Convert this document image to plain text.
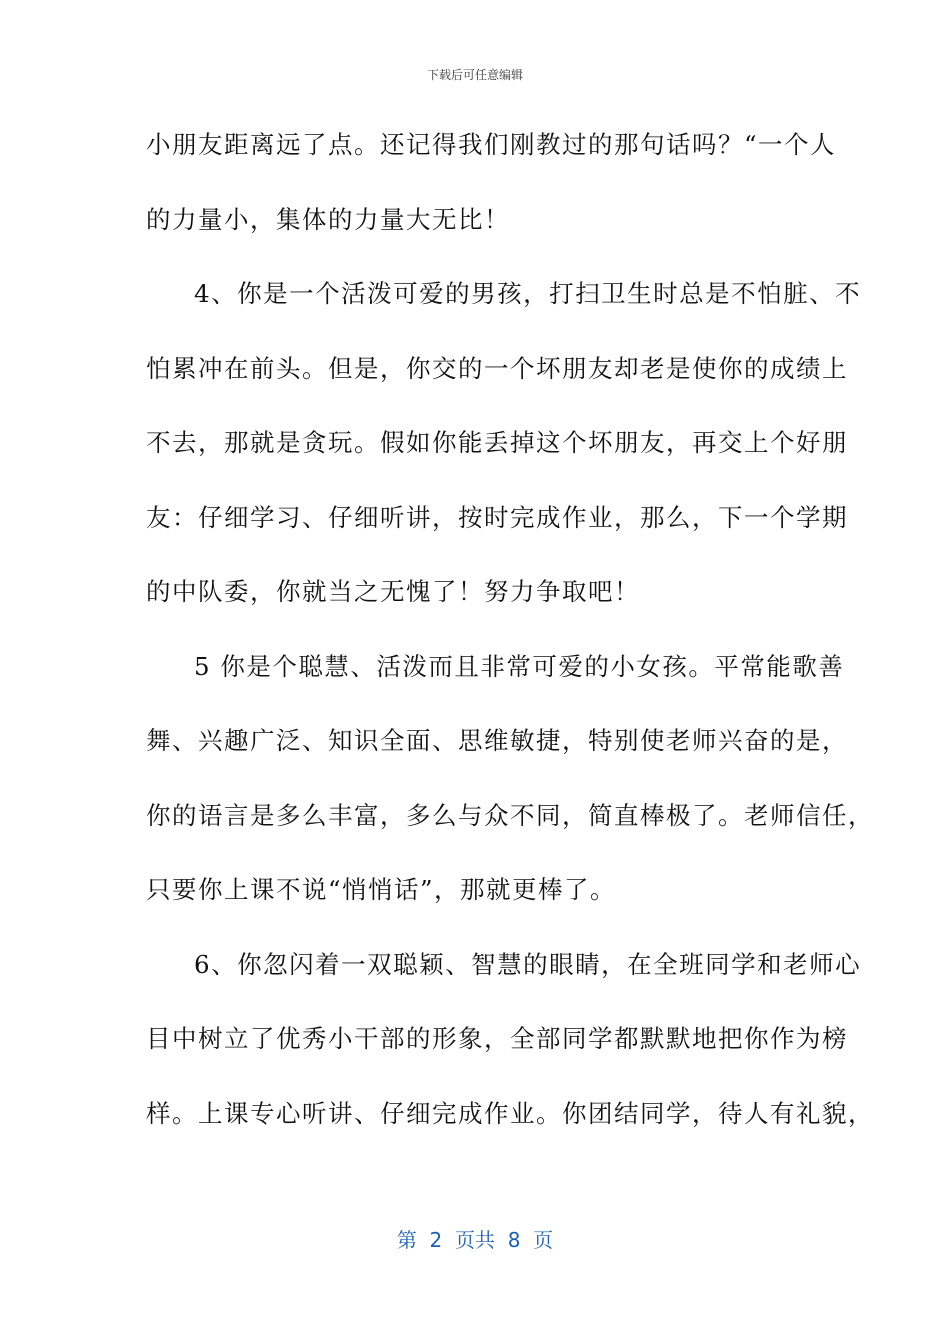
下载后可任意编辑
小朋友距离远了点。还记得我们刚教过的那句话吗？“一个人
的力量小，集体的力量大无比！
4、你是一个活泼可爱的男孩，打扫卫生时总是不怕脏、不
怕累冲在前头。但是，你交的一个坏朋友却老是使你的成绩上
不去，那就是贪玩。假如你能丢掉这个坏朋友，再交上个好朋
友：仔细学习、仔细听讲，按时完成作业，那么，下一个学期
的中队委，你就当之无愧了！努力争取吧！
5 你是个聪慧、活泼而且非常可爱的小女孩。平常能歌善
舞、兴趣广泛、知识全面、思维敏捷，特别使老师兴奋的是，
你的语言是多么丰富，多么与众不同，简直棒极了。老师信任，
只要你上课不说“悄悄话”，那就更棒了。
6、你忽闪着一双聪颖、智慧的眼睛，在全班同学和老师心
目中树立了优秀小干部的形象，全部同学都默默地把你作为榜
样。上课专心听讲、仔细完成作业。你团结同学，待人有礼貌，
第  2  页共  8  页
